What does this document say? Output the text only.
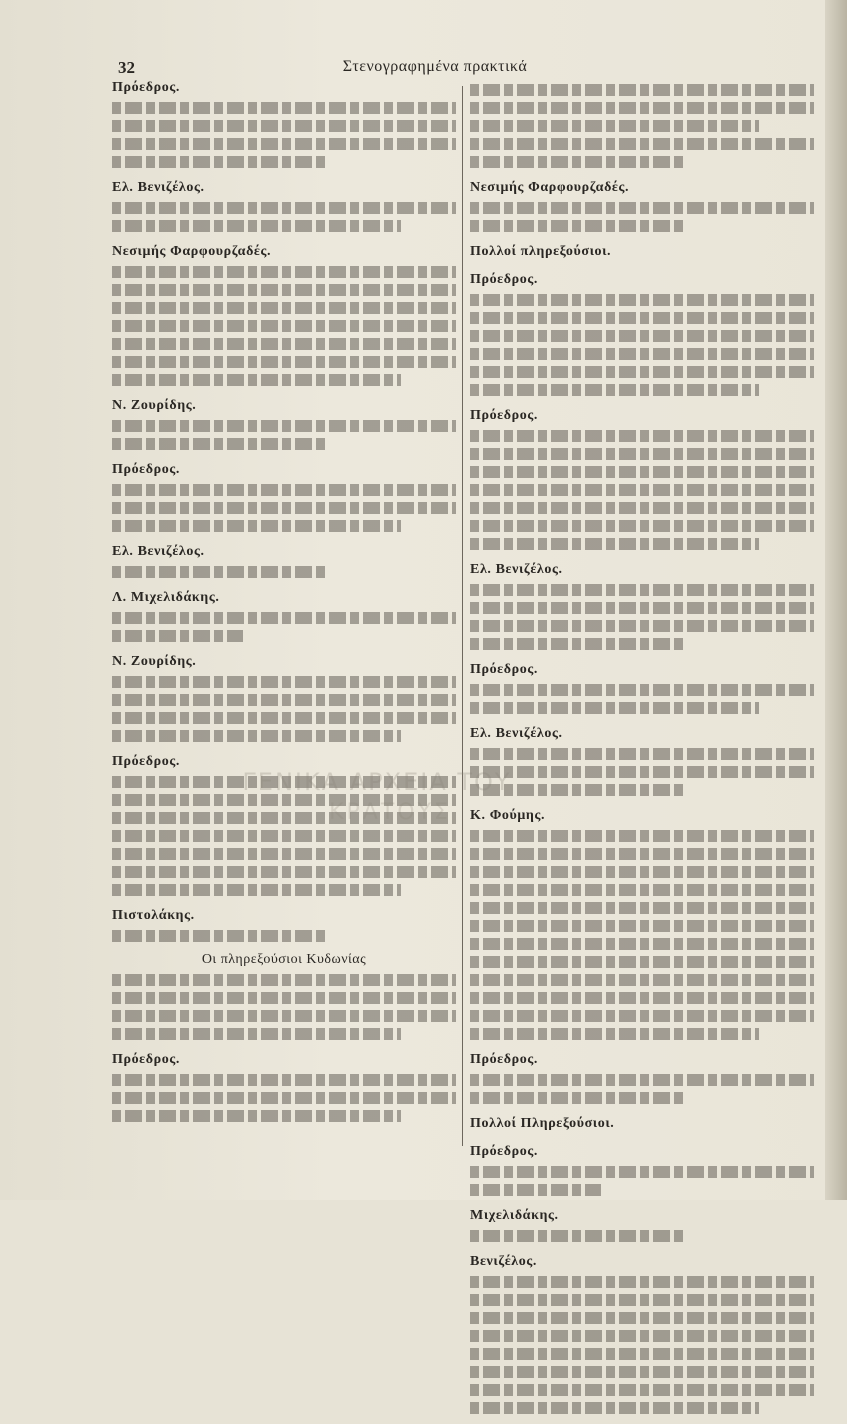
32	Στενογραφημένα πρακτικά
Πρόεδρος.
Ελ. Βενιζέλος.
Νεσιμής Φαρφουρζαδές.
Ν. Ζουρίδης.
Πρόεδρος.
Ελ. Βενιζέλος.
Λ. Μιχελιδάκης.
Ν. Ζουρίδης.
Πρόεδρος.
Πιστολάκης.
Οι πληρεξούσιοι Κυδωνίας
Πρόεδρος.
Νεσιμής Φαρφουρζαδές.
Πολλοί πληρεξούσιοι.
Πρόεδρος.
Πρόεδρος.
Ελ. Βενιζέλος.
Πρόεδρος.
Ελ. Βενιζέλος.
Κ. Φούμης.
Πρόεδρος.
Πολλοί Πληρεξούσιοι.
Πρόεδρος.
Μιχελιδάκης.
Βενιζέλος.
ΓΕΝΙΚΑ ΑΡΧΕΙΑ ΤΟΥ
ΚΡΑΤΟΥΣ
